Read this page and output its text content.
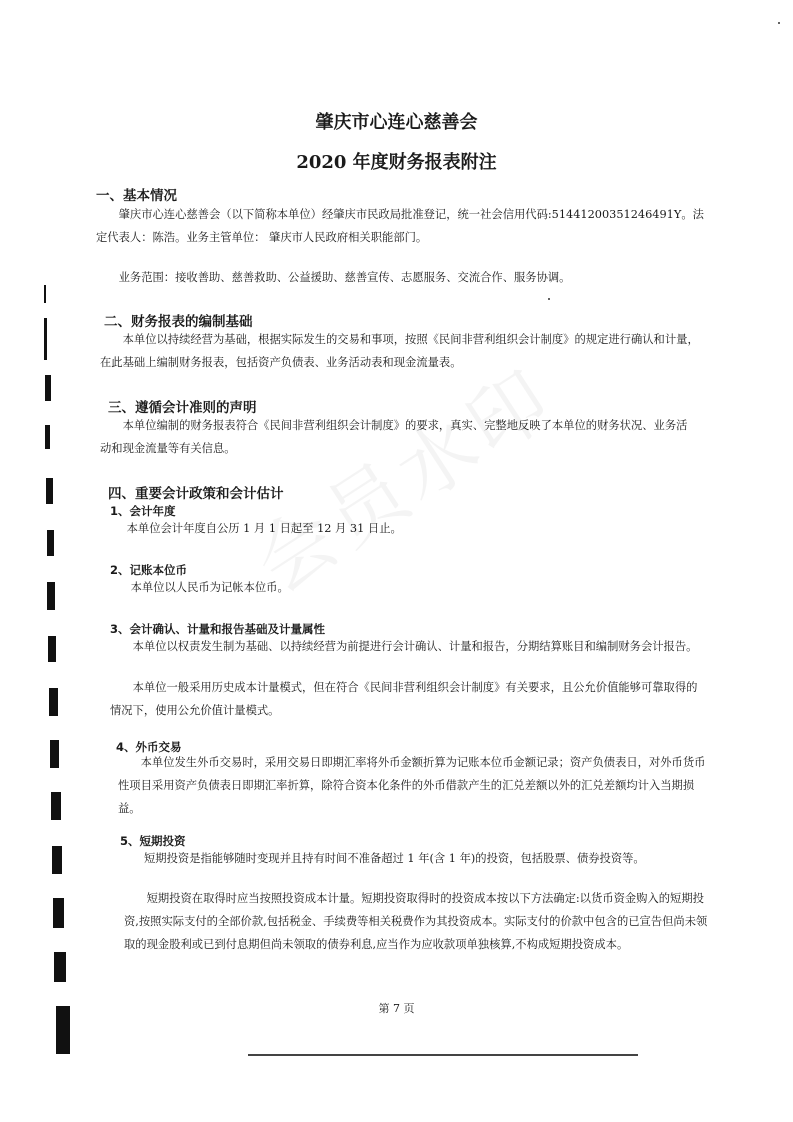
肇庆市心连心慈善会
2020 年度财务报表附注
一、基本情况
肇庆市心连心慈善会（以下简称本单位）经肇庆市民政局批准登记，统一社会信用代码:51441200351246491Y。法
定代表人：陈浩。业务主管单位： 肇庆市人民政府相关职能部门。
业务范围：接收善助、慈善救助、公益援助、慈善宣传、志愿服务、交流合作、服务协调。
二、财务报表的编制基础
本单位以持续经营为基础，根据实际发生的交易和事项，按照《民间非营利组织会计制度》的规定进行确认和计量，
在此基础上编制财务报表，包括资产负债表、业务活动表和现金流量表。
三、遵循会计准则的声明
本单位编制的财务报表符合《民间非营利组织会计制度》的要求，真实、完整地反映了本单位的财务状况、业务活
动和现金流量等有关信息。
四、重要会计政策和会计估计
1、会计年度
本单位会计年度自公历 1 月 1 日起至 12 月 31 日止。
2、记账本位币
本单位以人民币为记帐本位币。
3、会计确认、计量和报告基础及计量属性
本单位以权责发生制为基础、以持续经营为前提进行会计确认、计量和报告，分期结算账目和编制财务会计报告。
本单位一般采用历史成本计量模式，但在符合《民间非营利组织会计制度》有关要求，且公允价值能够可靠取得的
情况下，使用公允价值计量模式。
4、外币交易
本单位发生外币交易时，采用交易日即期汇率将外币金额折算为记账本位币金额记录；资产负债表日，对外币货币
性项目采用资产负债表日即期汇率折算，除符合资本化条件的外币借款产生的汇兑差额以外的汇兑差额均计入当期损
益。
5、短期投资
短期投资是指能够随时变现并且持有时间不准备超过 1 年(含 1 年)的投资，包括股票、债券投资等。
短期投资在取得时应当按照投资成本计量。短期投资取得时的投资成本按以下方法确定:以货币资金购入的短期投
资,按照实际支付的全部价款,包括税金、手续费等相关税费作为其投资成本。实际支付的价款中包含的已宣告但尚未领
取的现金股利或已到付息期但尚未领取的债券利息,应当作为应收款项单独核算,不构成短期投资成本。
第 7 页
